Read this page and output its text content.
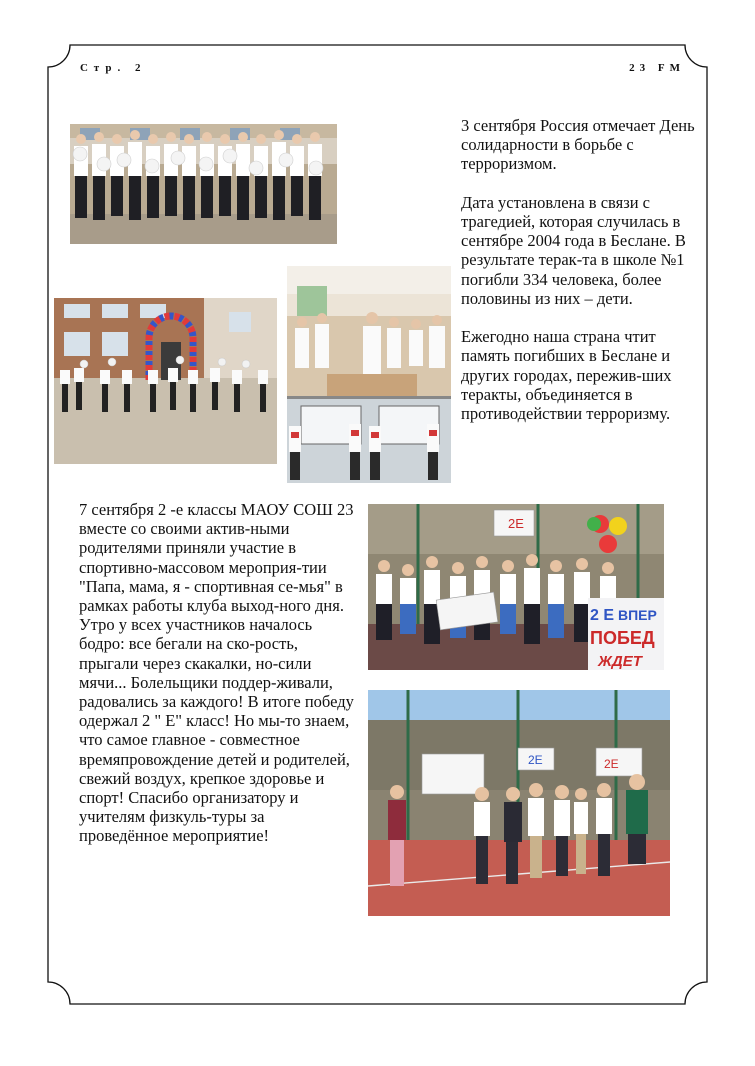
Стр. 2	23 FM
3 сентября Россия отмечает День солидарности в борьбе с терроризмом.

Дата установлена в связи с трагедией, которая случилась в сентябре 2004 года в Беслане. В результате терак-та в школе №1 погибли 334 человека, более половины из них – дети.

Ежегодно наша страна чтит память погибших в Беслане и других городах, пережив-ших теракты, объединяется в противодействии терроризму.
7 сентября 2 -е классы МАОУ СОШ 23 вместе со своими актив-ными родителями приняли участие в спортивно-массовом мероприя-тии "Папа, мама, я - спортивная се-мья" в рамках работы клуба выход-ного дня. Утро у всех участников началось бодро: все бегали на ско-рость, прыгали через скакалки, но-сили мячи... Болельщики поддер-живали, радовались за каждого! В итоге победу одержал 2 " Е" класс! Но мы-то знаем, что самое главное - совместное времяпровождение детей и родителей, свежий воздух, крепкое здоровье и спорт! Спасибо организатору и учителям физкуль-туры за проведённое мероприятие!
2Е
2 Е ВПЕР
ПОБЕД
ЖДЕТ
2Е	2Е
